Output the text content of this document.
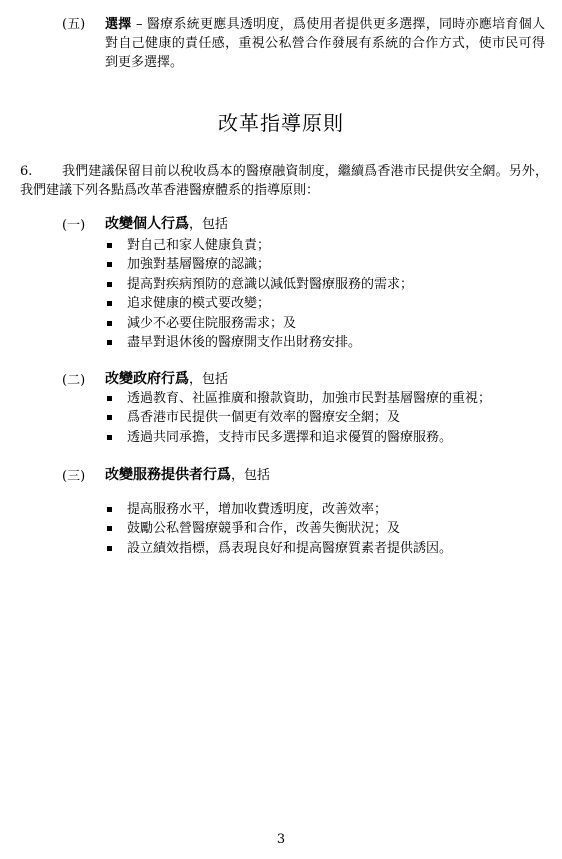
(五) 選擇 – 醫療系統更應具透明度，爲使用者提供更多選擇，同時亦應培育個人對自己健康的責任感，重視公私營合作發展有系統的合作方式，使市民可得到更多選擇。
改革指導原則
6.	我們建議保留目前以稅收爲本的醫療融資制度，繼續爲香港市民提供安全網。另外， 我們建議下列各點爲改革香港醫療體系的指導原則：
(一) 改變個人行爲，包括
對自己和家人健康負責；
加強對基層醫療的認識；
提高對疾病預防的意識以減低對醫療服務的需求；
追求健康的模式要改變；
減少不必要住院服務需求；及
盡早對退休後的醫療開支作出財務安排。
(二) 改變政府行爲，包括
透過教育、社區推廣和撥款資助，加強市民對基層醫療的重視；
爲香港市民提供一個更有效率的醫療安全網；及
透過共同承擔，支持市民多選擇和追求優質的醫療服務。
(三) 改變服務提供者行爲，包括
提高服務水平，增加收費透明度，改善效率；
鼓勵公私營醫療競爭和合作，改善失衡狀況；及
設立績效指標，爲表現良好和提高醫療質素者提供誘因。
3
